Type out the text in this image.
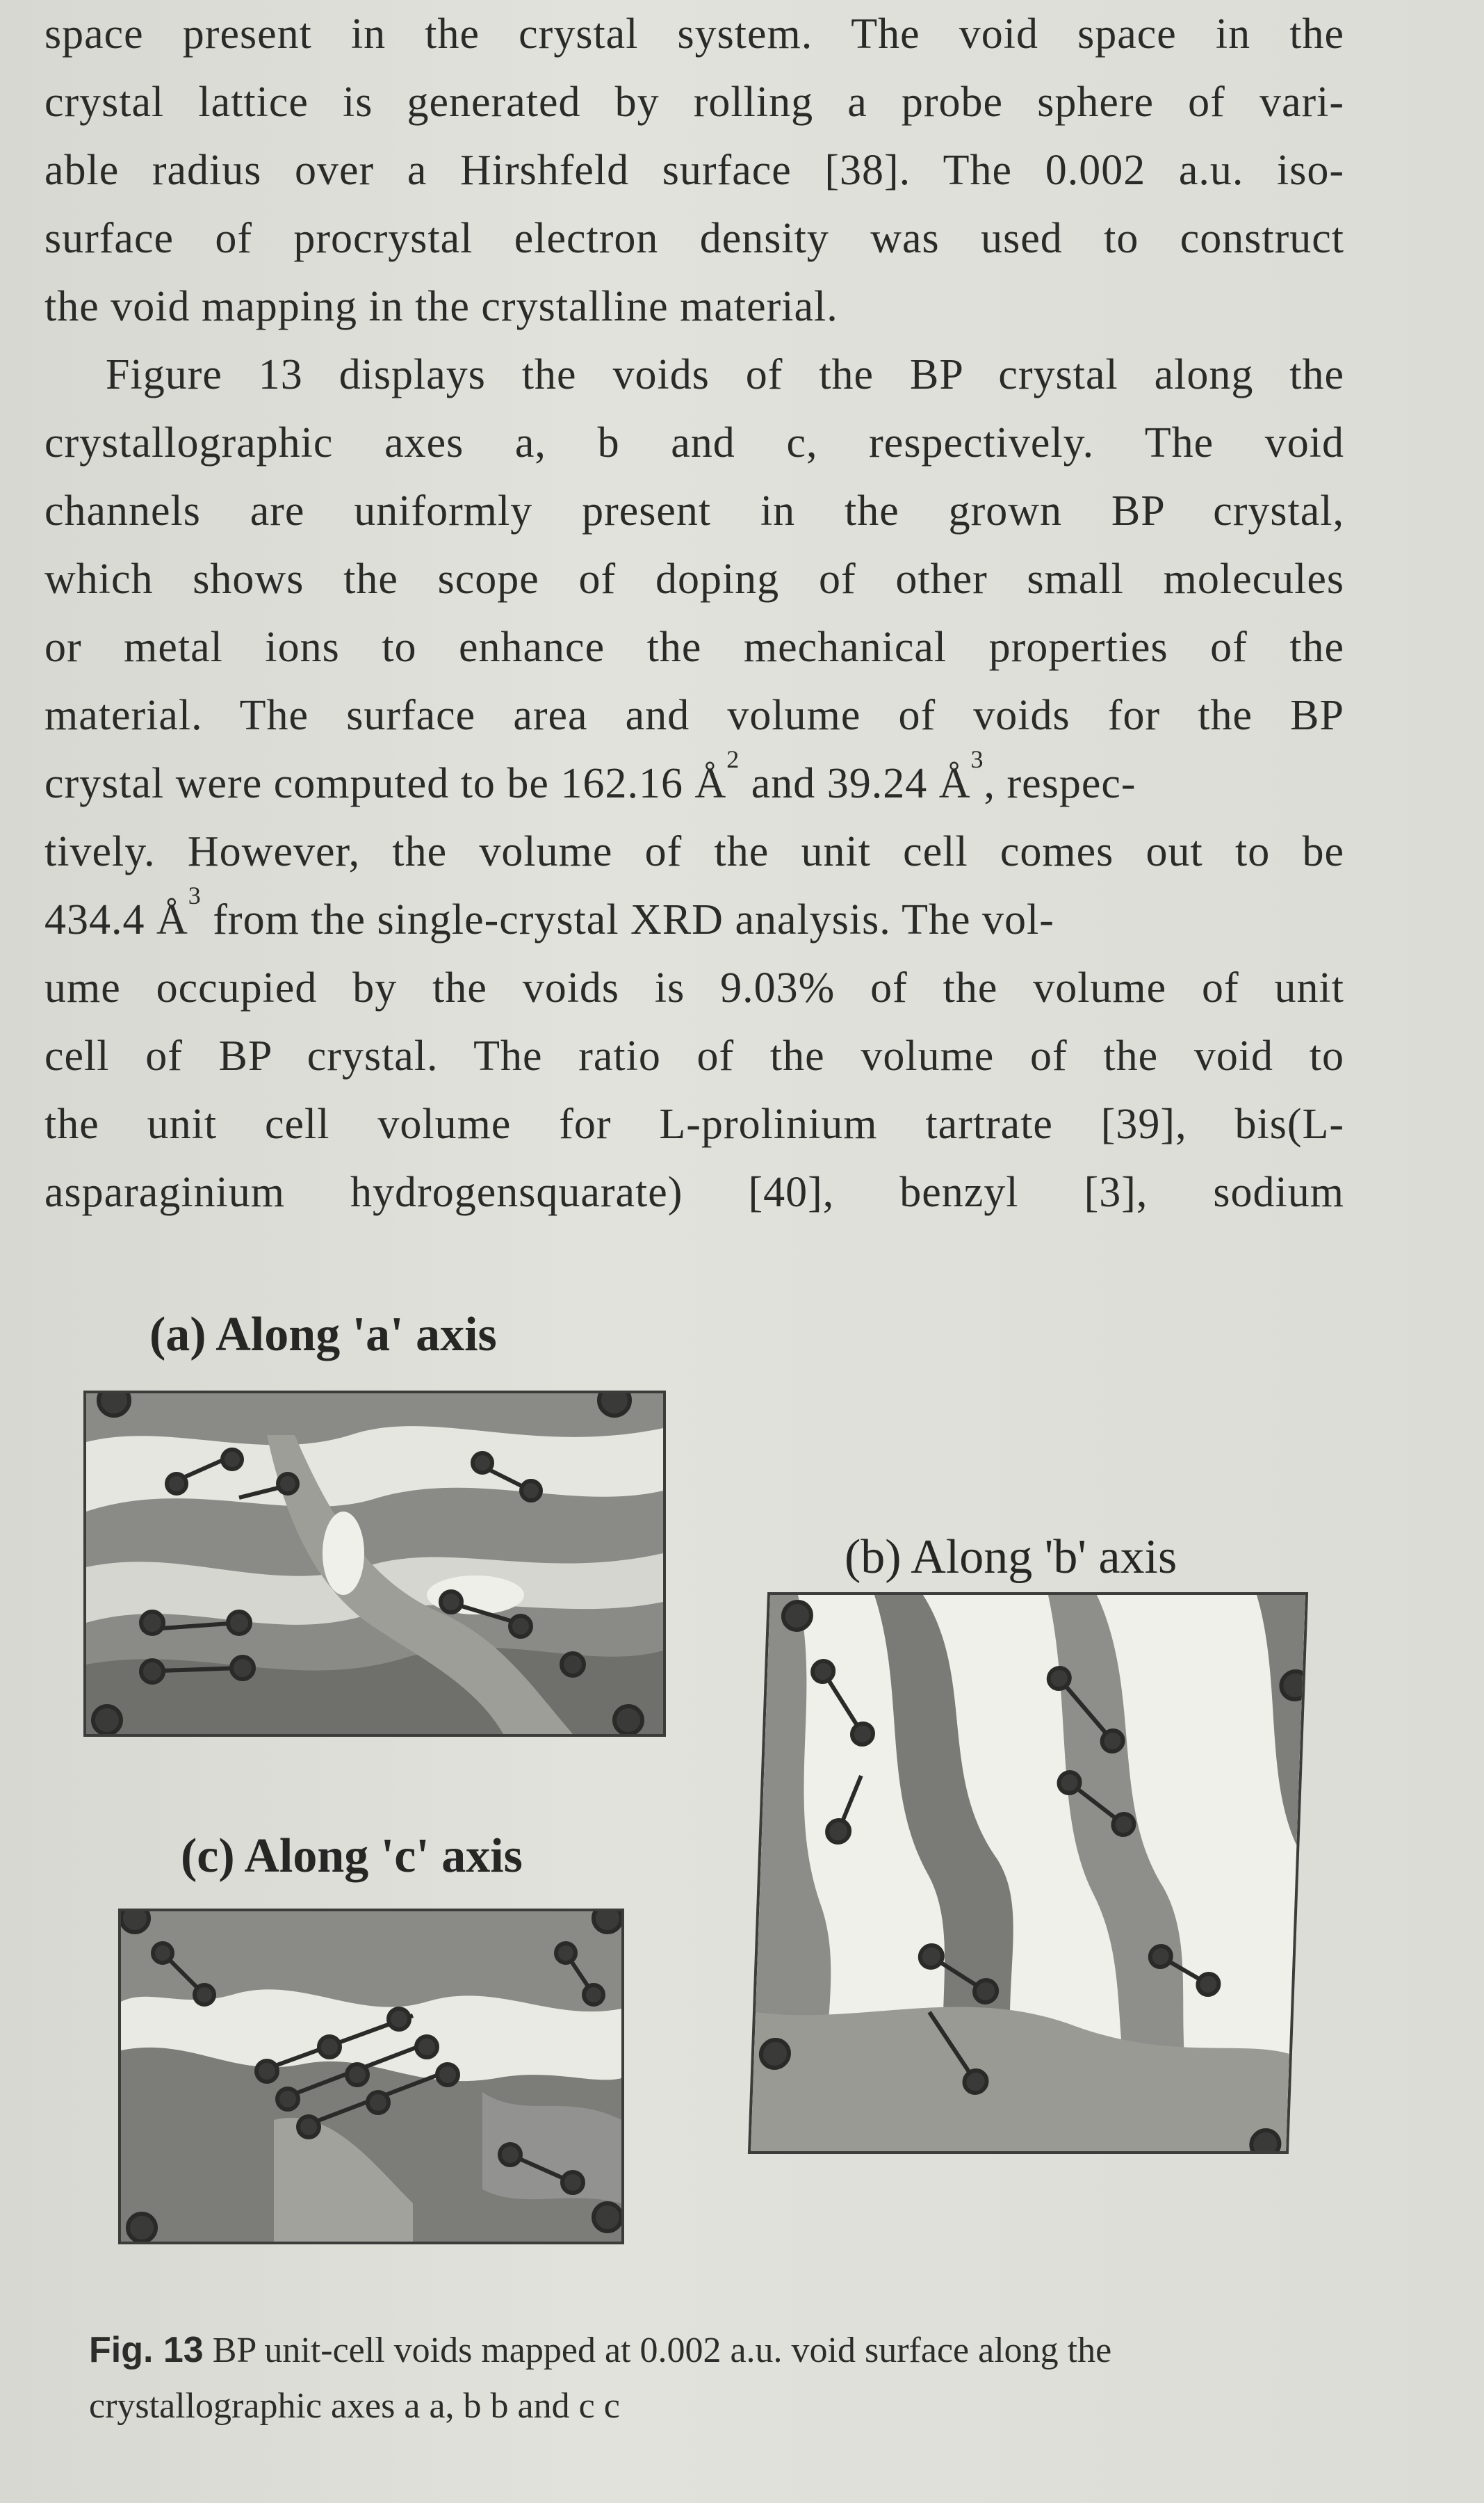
space present in the crystal system. The void space in the
crystal lattice is generated by rolling a probe sphere of vari-
able radius over a Hirshfeld surface [38]. The 0.002 a.u. iso-
surface of procrystal electron density was used to construct
the void mapping in the crystalline material.
Figure 13 displays the voids of the BP crystal along the
crystallographic axes a, b and c, respectively. The void
channels are uniformly present in the grown BP crystal,
which shows the scope of doping of other small molecules
or metal ions to enhance the mechanical properties of the
material. The surface area and volume of voids for the BP
crystal were computed to be 162.16 $Å^2$ and 39.24 $Å^3$, respec-
tively. However, the volume of the unit cell comes out to be
434.4 $Å^3$ from the single-crystal XRD analysis. The vol-
ume occupied by the voids is 9.03% of the volume of unit
cell of BP crystal. The ratio of the volume of the void to
the unit cell volume for L-prolinium tartrate [39], bis(L-
asparaginium hydrogensquarate) [40], benzyl [3], sodium
(a) Along 'a' axis
(b) Along 'b' axis
(c) Along 'c' axis
Fig. 13 BP unit-cell voids mapped at 0.002 a.u. void surface along the crystallographic axes a a, b b and c c
